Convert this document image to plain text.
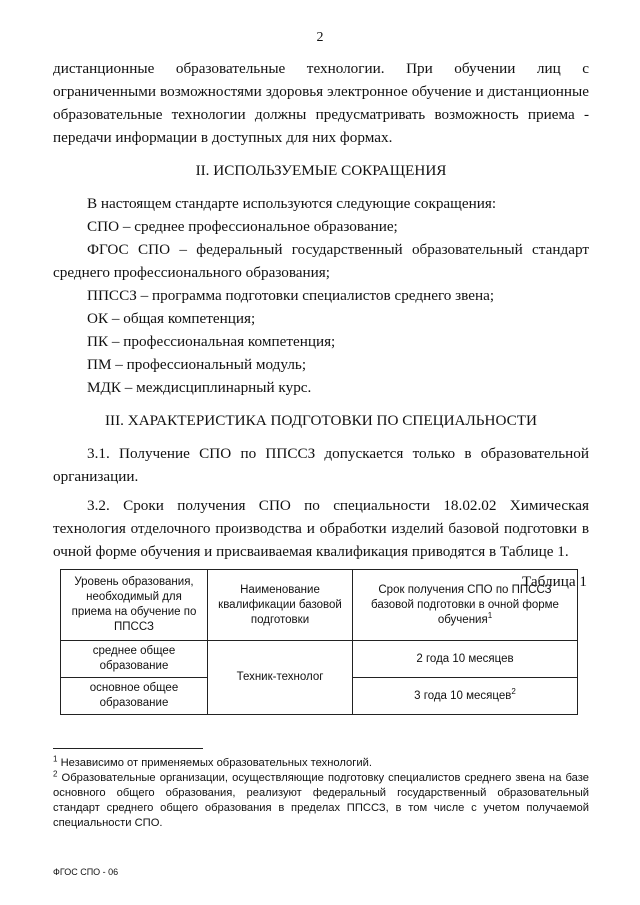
2

дистанционные образовательные технологии. При обучении лиц с ограниченными возможностями здоровья электронное обучение и дистанционные образовательные технологии должны предусматривать возможность приема - передачи информации в доступных для них формах.

II. ИСПОЛЬЗУЕМЫЕ СОКРАЩЕНИЯ

В настоящем стандарте используются следующие сокращения:

СПО – среднее профессиональное образование;

ФГОС СПО – федеральный государственный образовательный стандарт среднего профессионального образования;

ППССЗ – программа подготовки специалистов среднего звена;

ОК – общая компетенция;

ПК – профессиональная компетенция;

ПМ – профессиональный модуль;

МДК – междисциплинарный курс.

III. ХАРАКТЕРИСТИКА ПОДГОТОВКИ ПО СПЕЦИАЛЬНОСТИ

3.1. Получение СПО по ППССЗ допускается только в образовательной организации.

3.2. Сроки получения СПО по специальности 18.02.02 Химическая технология отделочного производства и обработки изделий базовой подготовки в очной форме обучения и присваиваемая квалификация приводятся в Таблице 1.

Таблица 1

Уровень образования, необходимый для приема на обучение по ППССЗ	Наименование квалификации базовой подготовки	Срок получения СПО по ППССЗ базовой подготовки в очной форме обучения$^1$
среднее общее образование	Техник-технолог	2 года 10 месяцев
основное общее образование		3 года 10 месяцев$^2$

$^1$ Независимо от применяемых образовательных технологий.

$^2$ Образовательные организации, осуществляющие подготовку специалистов среднего звена на базе основного общего образования, реализуют федеральный государственный образовательный стандарт среднего общего образования в пределах ППССЗ, в том числе с учетом получаемой специальности СПО.

ФГОС СПО - 06
